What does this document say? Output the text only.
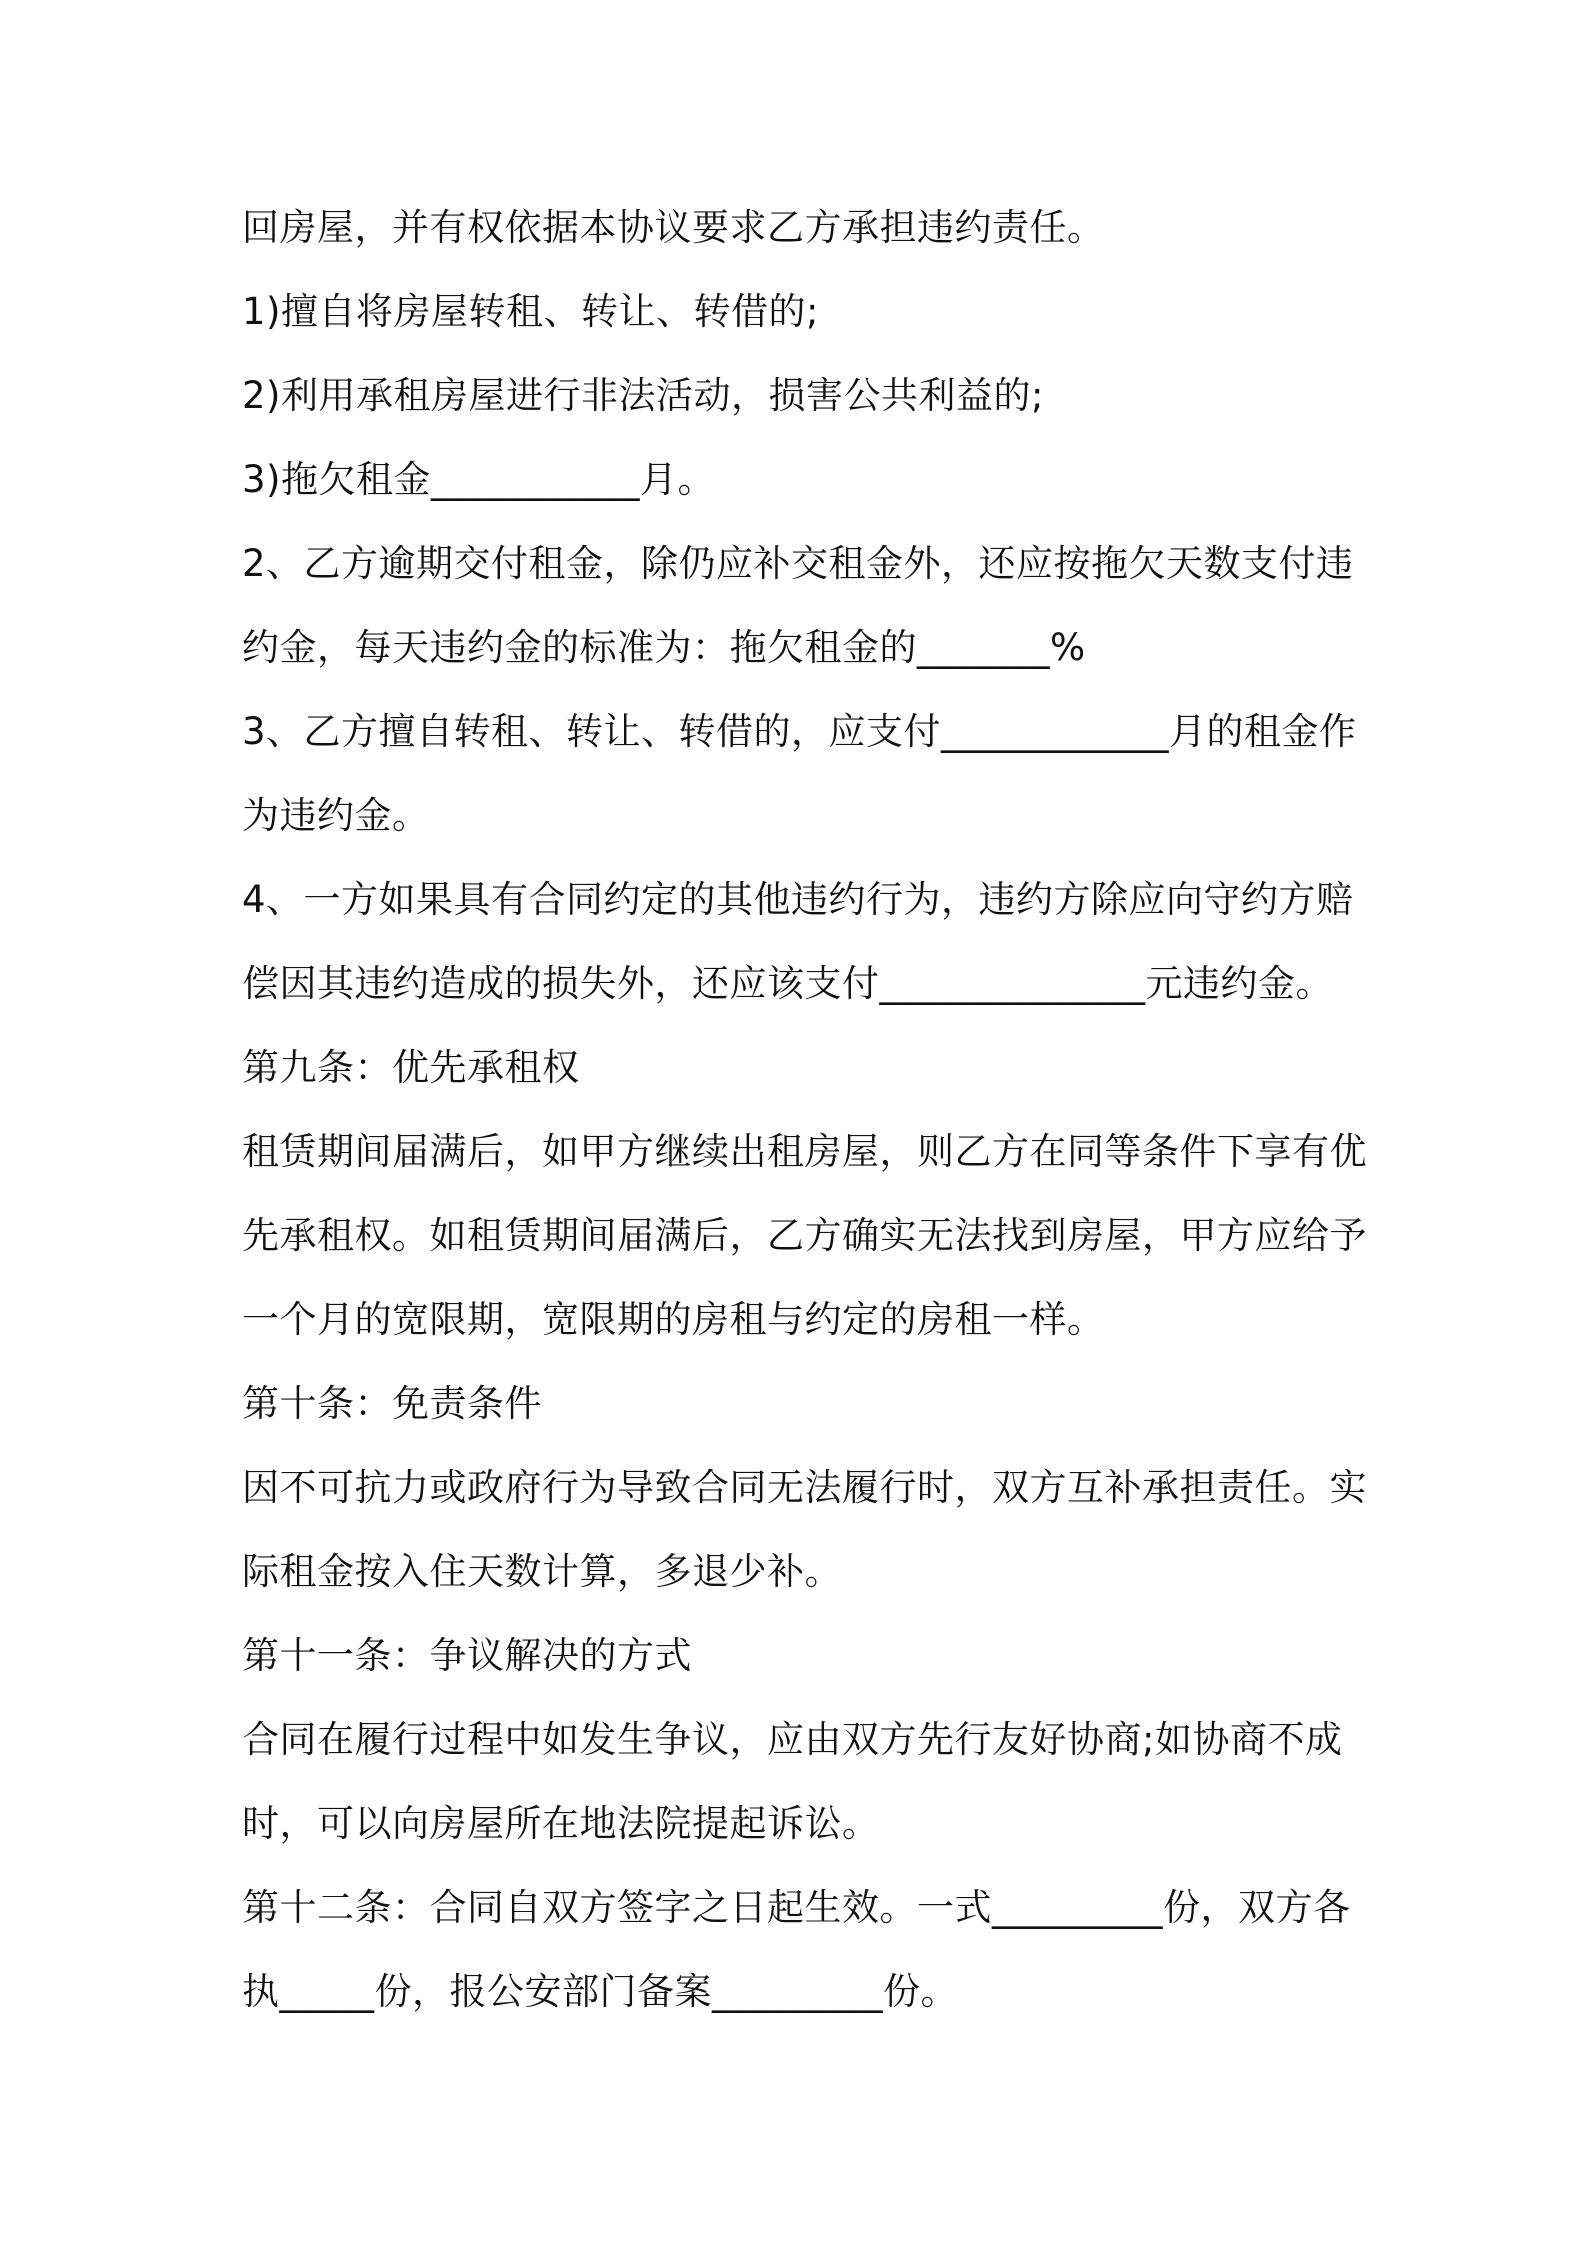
回房屋，并有权依据本协议要求乙方承担违约责任。
1)擅自将房屋转租、转让、转借的;
2)利用承租房屋进行非法活动，损害公共利益的;
3)拖欠租金___________月。
2、乙方逾期交付租金，除仍应补交租金外，还应按拖欠天数支付违
约金，每天违约金的标准为：拖欠租金的_______%
3、乙方擅自转租、转让、转借的，应支付____________月的租金作
为违约金。
4、一方如果具有合同约定的其他违约行为，违约方除应向守约方赔
偿因其违约造成的损失外，还应该支付______________元违约金。
第九条：优先承租权
租赁期间届满后，如甲方继续出租房屋，则乙方在同等条件下享有优
先承租权。如租赁期间届满后，乙方确实无法找到房屋，甲方应给予
一个月的宽限期，宽限期的房租与约定的房租一样。
第十条：免责条件
因不可抗力或政府行为导致合同无法履行时，双方互补承担责任。实
际租金按入住天数计算，多退少补。
第十一条：争议解决的方式
合同在履行过程中如发生争议，应由双方先行友好协商;如协商不成
时，可以向房屋所在地法院提起诉讼。
第十二条：合同自双方签字之日起生效。一式_________份，双方各
执_____份，报公安部门备案_________份。
